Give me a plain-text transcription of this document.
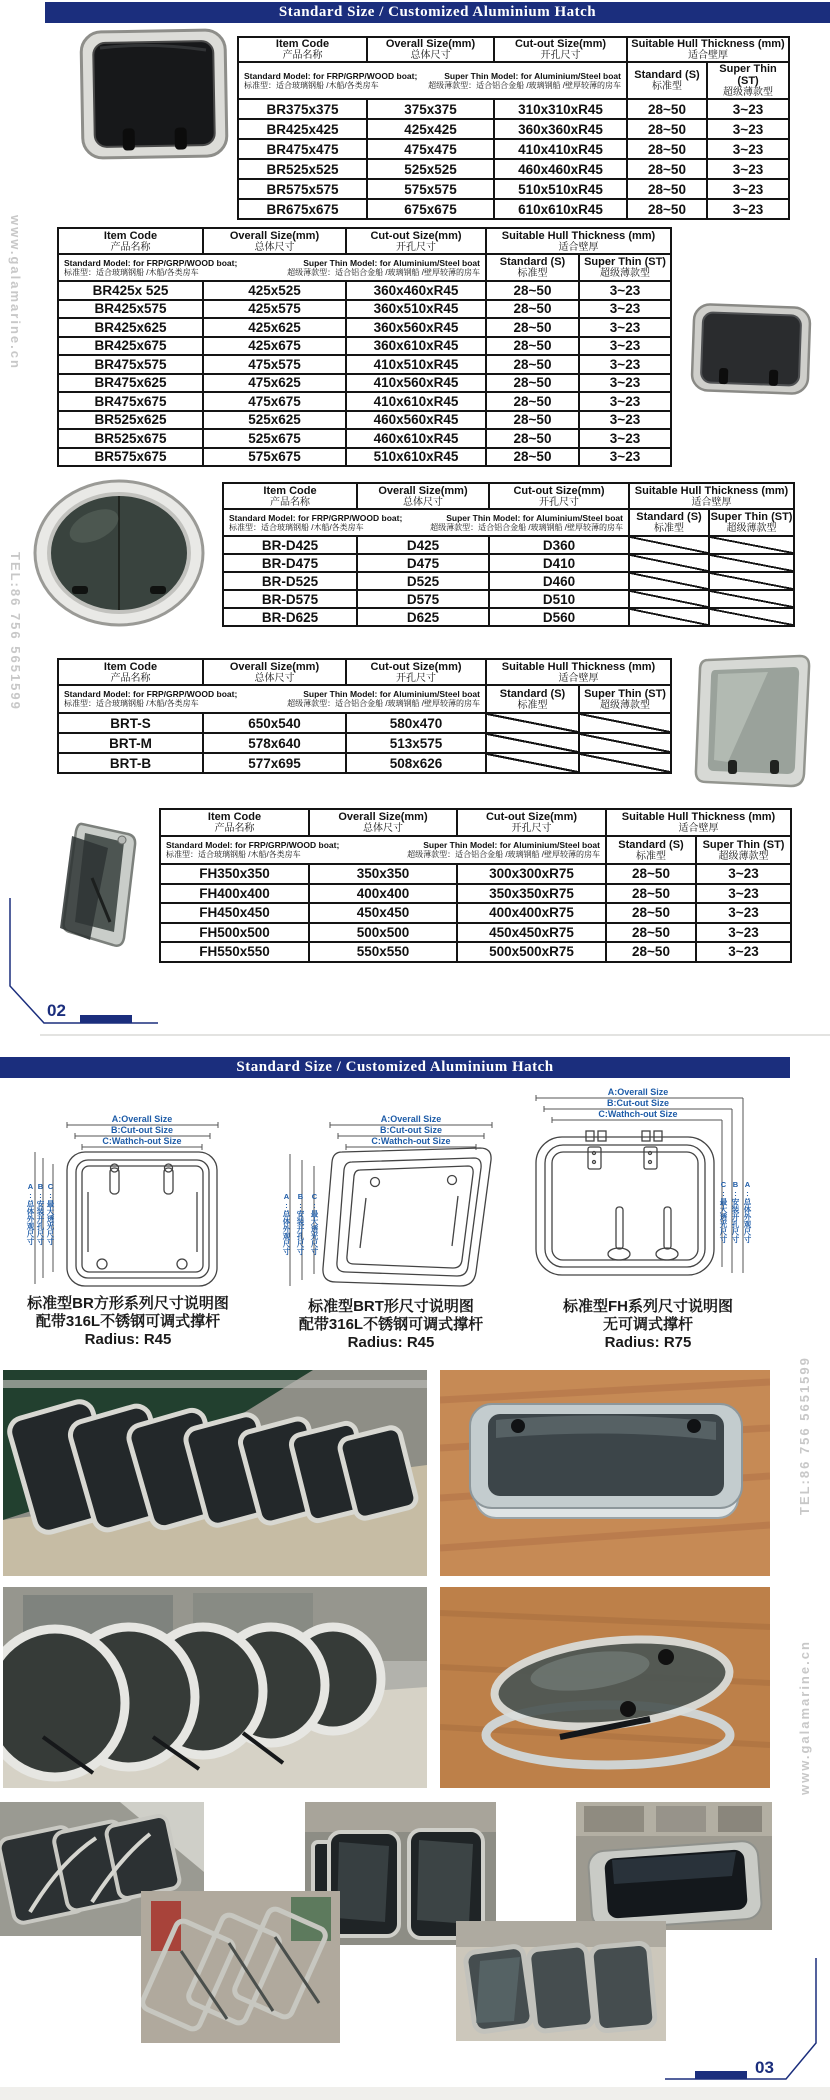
Standard Size / Customized Aluminium Hatch
www.galamarine.cn
TEL:86 756 5651599
Item Code
产品名称

Overall Size(mm)
总体尺寸

Cut-out Size(mm)
开孔尺寸

Suitable Hull Thickness (mm)
适合壁厚

Standard Model: for FRP/GRP/WOOD boat;	Super Thin Model: for Aluminium/Steel boat
标准型：适合玻璃钢船 /木船/各类房车	超级薄款型：适合铝合金船 /玻璃钢船 /壁厚较薄的房车

Standard (S)
标准型

Super Thin (ST)
超级薄款型

BR375x375	375x375	310x310xR45	28~50	3~23
BR425x425	425x425	360x360xR45	28~50	3~23
BR475x475	475x475	410x410xR45	28~50	3~23
BR525x525	525x525	460x460xR45	28~50	3~23
BR575x575	575x575	510x510xR45	28~50	3~23
BR675x675	675x675	610x610xR45	28~50	3~23
Item Code
产品名称

Overall Size(mm)
总体尺寸

Cut-out Size(mm)
开孔尺寸

Suitable Hull Thickness (mm)
适合壁厚

Standard Model: for FRP/GRP/WOOD boat;	Super Thin Model: for Aluminium/Steel boat
标准型：适合玻璃钢船 /木船/各类房车	超级薄款型：适合铝合金船 /玻璃钢船 /壁厚较薄的房车

Standard (S)
标准型

Super Thin (ST)
超级薄款型

BR425x 525	425x525	360x460xR45	28~50	3~23
BR425x575	425x575	360x510xR45	28~50	3~23
BR425x625	425x625	360x560xR45	28~50	3~23
BR425x675	425x675	360x610xR45	28~50	3~23
BR475x575	475x575	410x510xR45	28~50	3~23
BR475x625	475x625	410x560xR45	28~50	3~23
BR475x675	475x675	410x610xR45	28~50	3~23
BR525x625	525x625	460x560xR45	28~50	3~23
BR525x675	525x675	460x610xR45	28~50	3~23
BR575x675	575x675	510x610xR45	28~50	3~23
Item Code
产品名称

Overall Size(mm)
总体尺寸

Cut-out Size(mm)
开孔尺寸

Suitable Hull Thickness (mm)
适合壁厚

Standard Model: for FRP/GRP/WOOD boat;	Super Thin Model: for Aluminium/Steel boat
标准型：适合玻璃钢船 /木船/各类房车	超级薄款型：适合铝合金船 /玻璃钢船 /壁厚较薄的房车

Standard (S)
标准型

Super Thin (ST)
超级薄款型

BR-D425	D425	D360		
BR-D475	D475	D410		
BR-D525	D525	D460		
BR-D575	D575	D510		
BR-D625	D625	D560		
Item Code
产品名称

Overall Size(mm)
总体尺寸

Cut-out Size(mm)
开孔尺寸

Suitable Hull Thickness (mm)
适合壁厚

Standard Model: for FRP/GRP/WOOD boat;	Super Thin Model: for Aluminium/Steel boat
标准型：适合玻璃钢船 /木船/各类房车	超级薄款型：适合铝合金船 /玻璃钢船 /壁厚较薄的房车

Standard (S)
标准型

Super Thin (ST)
超级薄款型

BRT-S	650x540	580x470		
BRT-M	578x640	513x575		
BRT-B	577x695	508x626		
Item Code
产品名称

Overall Size(mm)
总体尺寸

Cut-out Size(mm)
开孔尺寸

Suitable Hull Thickness (mm)
适合壁厚

Standard Model: for FRP/GRP/WOOD boat;	Super Thin Model: for Aluminium/Steel boat
标准型：适合玻璃钢船 /木船/各类房车	超级薄款型：适合铝合金船 /玻璃钢船 /壁厚较薄的房车

Standard (S)
标准型

Super Thin (ST)
超级薄款型

FH350x350	350x350	300x300xR75	28~50	3~23
FH400x400	400x400	350x350xR75	28~50	3~23
FH450x450	450x450	400x400xR75	28~50	3~23
FH500x500	500x500	450x450xR75	28~50	3~23
FH550x550	550x550	500x500xR75	28~50	3~23
02
Standard Size / Customized Aluminium Hatch
A:Overall Size
B:Cut-out Size
C:Wathch-out Size
A:总体外观尺寸 B:安装开孔尺寸 C:最大透光尺寸
A:Overall Size
B:Cut-out Size
C:Wathch-out Size
A:总体外观尺寸 B:安装开孔尺寸 C:最大透光尺寸
A:Overall Size
B:Cut-out Size
C:Wathch-out Size
C:最大透光尺寸 B:安装开孔尺寸 A:总体外观尺寸
标准型BR方形系列尺寸说明图
配带316L不锈钢可调式撑杆
Radius: R45
标准型BRT形尺寸说明图
配带316L不锈钢可调式撑杆
Radius: R45
标准型FH系列尺寸说明图
无可调式撑杆
Radius: R75
TEL:86 756 5651599
www.galamarine.cn
03
